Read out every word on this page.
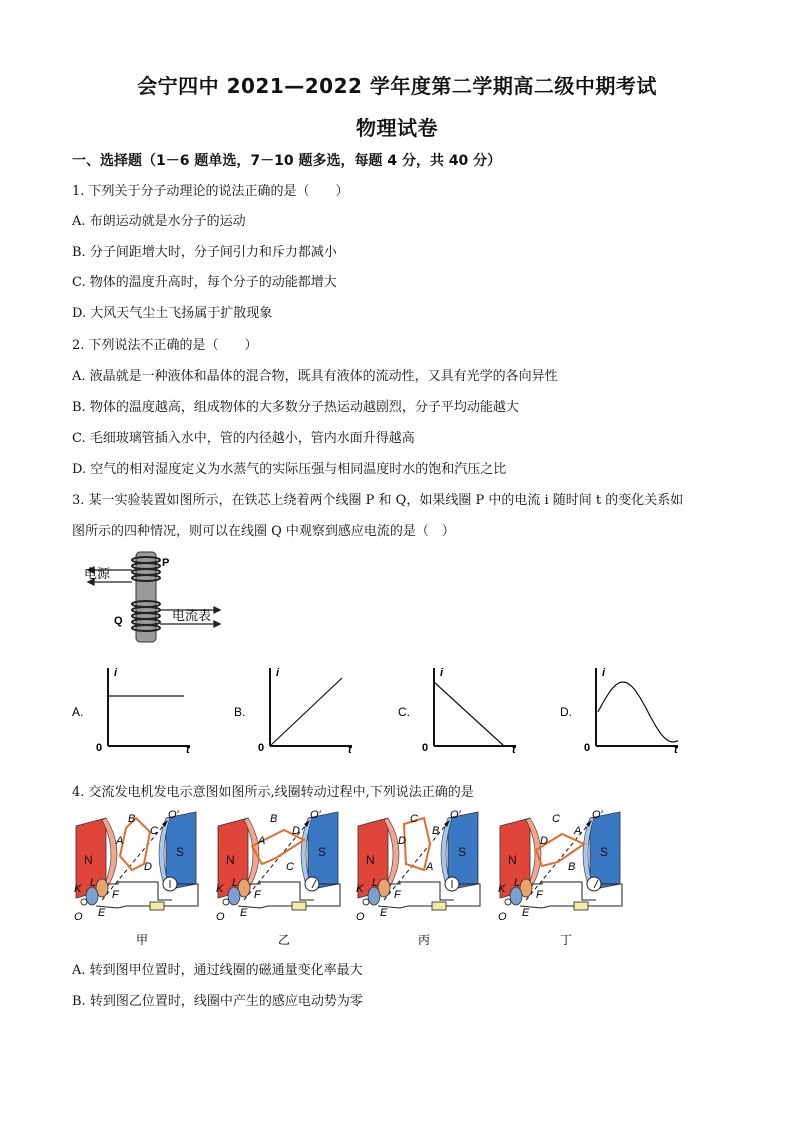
会宁四中 2021—2022 学年度第二学期高二级中期考试
物理试卷
一、选择题（1－6 题单选，7－10 题多选，每题 4 分，共 40 分）
1. 下列关于分子动理论的说法正确的是（　　）
A. 布朗运动就是水分子的运动
B. 分子间距增大时，分子间引力和斥力都减小
C. 物体的温度升高时，每个分子的动能都增大
D. 大风天气尘土飞扬属于扩散现象
2. 下列说法不正确的是（　　）
A. 液晶就是一种液体和晶体的混合物，既具有液体的流动性，又具有光学的各向异性
B. 物体的温度越高，组成物体的大多数分子热运动越剧烈，分子平均动能越大
C. 毛细玻璃管插入水中，管的内径越小，管内水面升得越高
D. 空气的相对湿度定义为水蒸气的实际压强与相同温度时水的饱和汽压之比
3. 某一实验装置如图所示，在铁芯上绕着两个线圈 P 和 Q，如果线圈 P 中的电流 i 随时间 t 的变化关系如
图所示的四种情况，则可以在线圈 Q 中观察到感应电流的是（　）
电源
电流表
P
Q
A.
i
t
0
B.
i
t
0
C.
i
t
0
D.
i
t
0
4. 交流发电机发电示意图如图所示,线圈转动过程中,下列说法正确的是
N
S
O′
B
A
C
D
K L
F
O E
甲
N
S
O′
B
A
D
C
K L
F
O E
乙
N
S
O′
C
D
B
A
K L
F
O E
丙
N
S
O′
C
D
A
B
K L
F
O E
丁
A. 转到图甲位置时，通过线圈的磁通量变化率最大
B. 转到图乙位置时，线圈中产生的感应电动势为零
